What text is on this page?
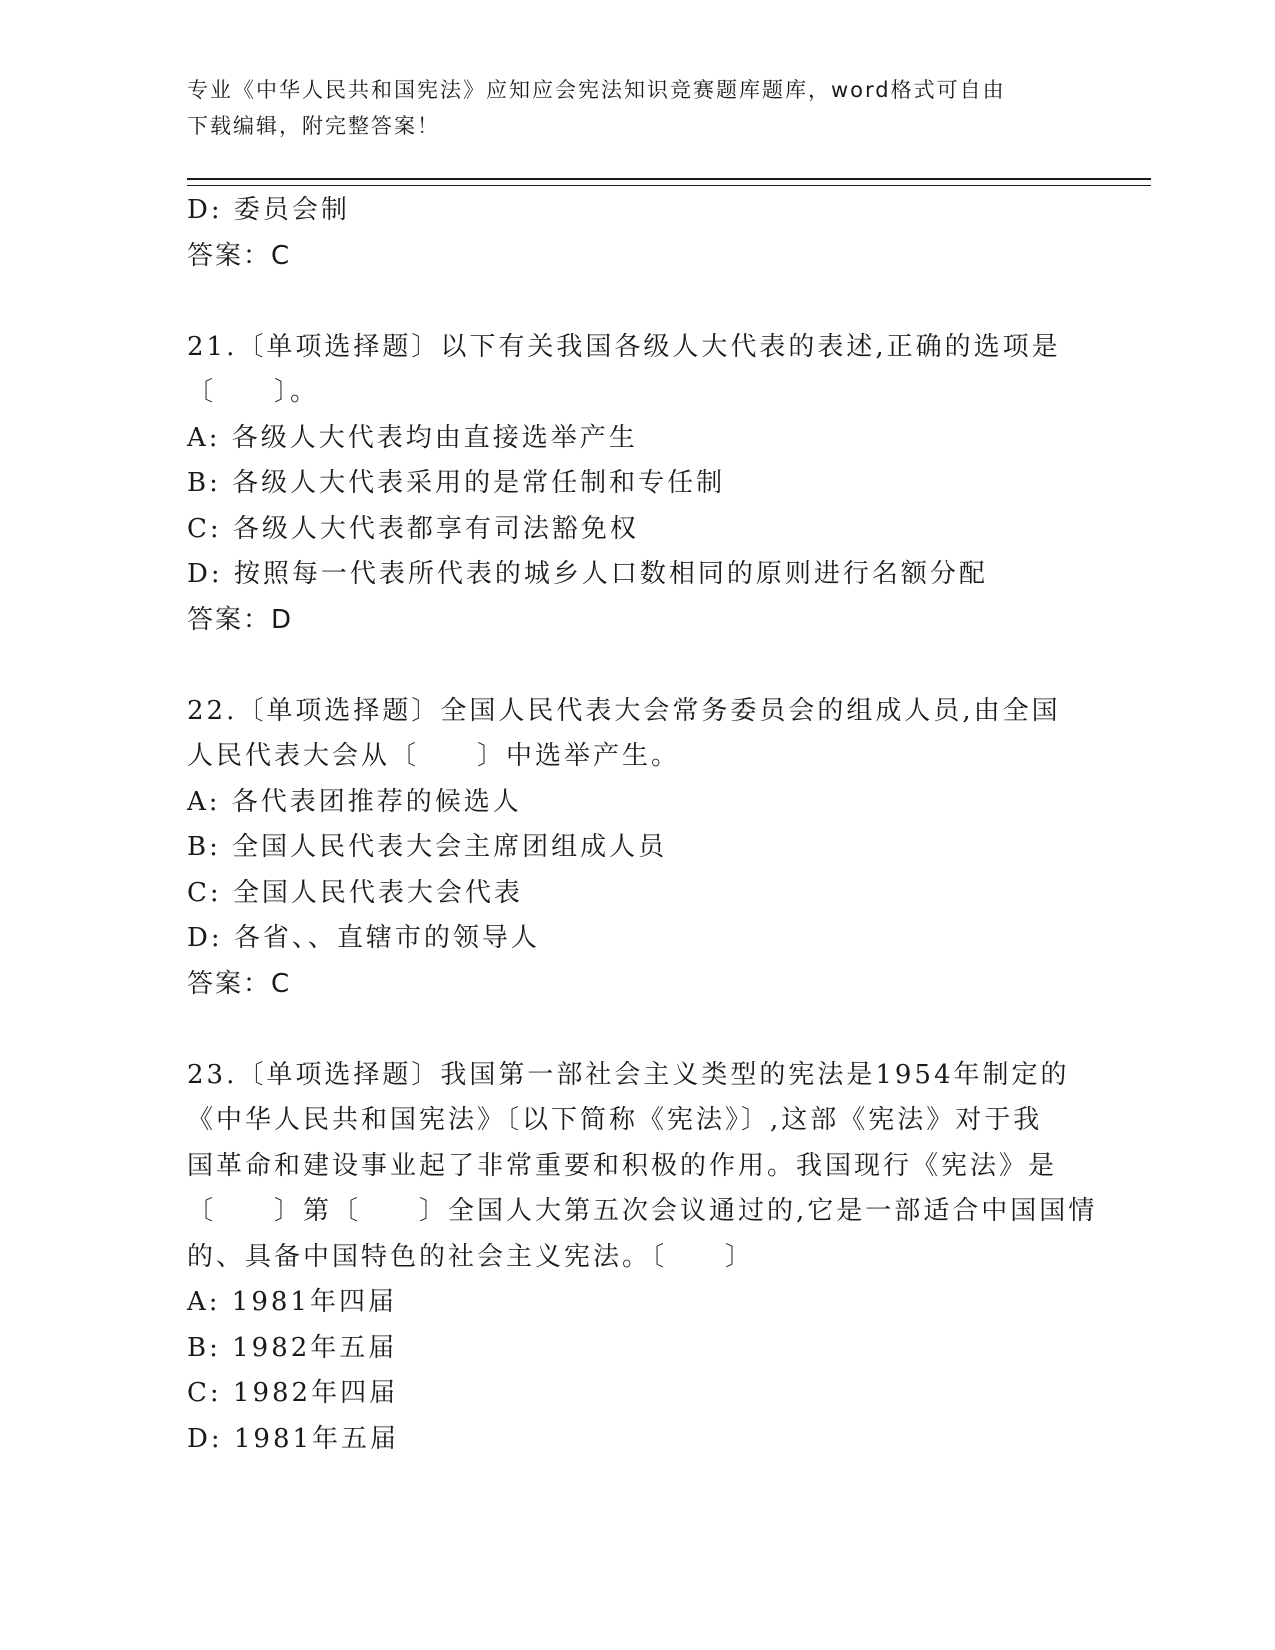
专业《中华人民共和国宪法》应知应会宪法知识竞赛题库题库，word格式可自由
下载编辑，附完整答案！
D: 委员会制
答案：C
21.〔单项选择题〕以下有关我国各级人大代表的表述,正确的选项是
〔　　〕。
A: 各级人大代表均由直接选举产生
B: 各级人大代表采用的是常任制和专任制
C: 各级人大代表都享有司法豁免权
D: 按照每一代表所代表的城乡人口数相同的原则进行名额分配
答案：D
22.〔单项选择题〕全国人民代表大会常务委员会的组成人员,由全国
人民代表大会从〔　　〕中选举产生。
A: 各代表团推荐的候选人
B: 全国人民代表大会主席团组成人员
C: 全国人民代表大会代表
D: 各省、、直辖市的领导人
答案：C
23.〔单项选择题〕我国第一部社会主义类型的宪法是1954年制定的
《中华人民共和国宪法》〔以下简称《宪法》〕,这部《宪法》对于我
国革命和建设事业起了非常重要和积极的作用。我国现行《宪法》是
〔　　〕第〔　　〕全国人大第五次会议通过的,它是一部适合中国国情
的、具备中国特色的社会主义宪法。〔　　〕
A: 1981年四届
B: 1982年五届
C: 1982年四届
D: 1981年五届
